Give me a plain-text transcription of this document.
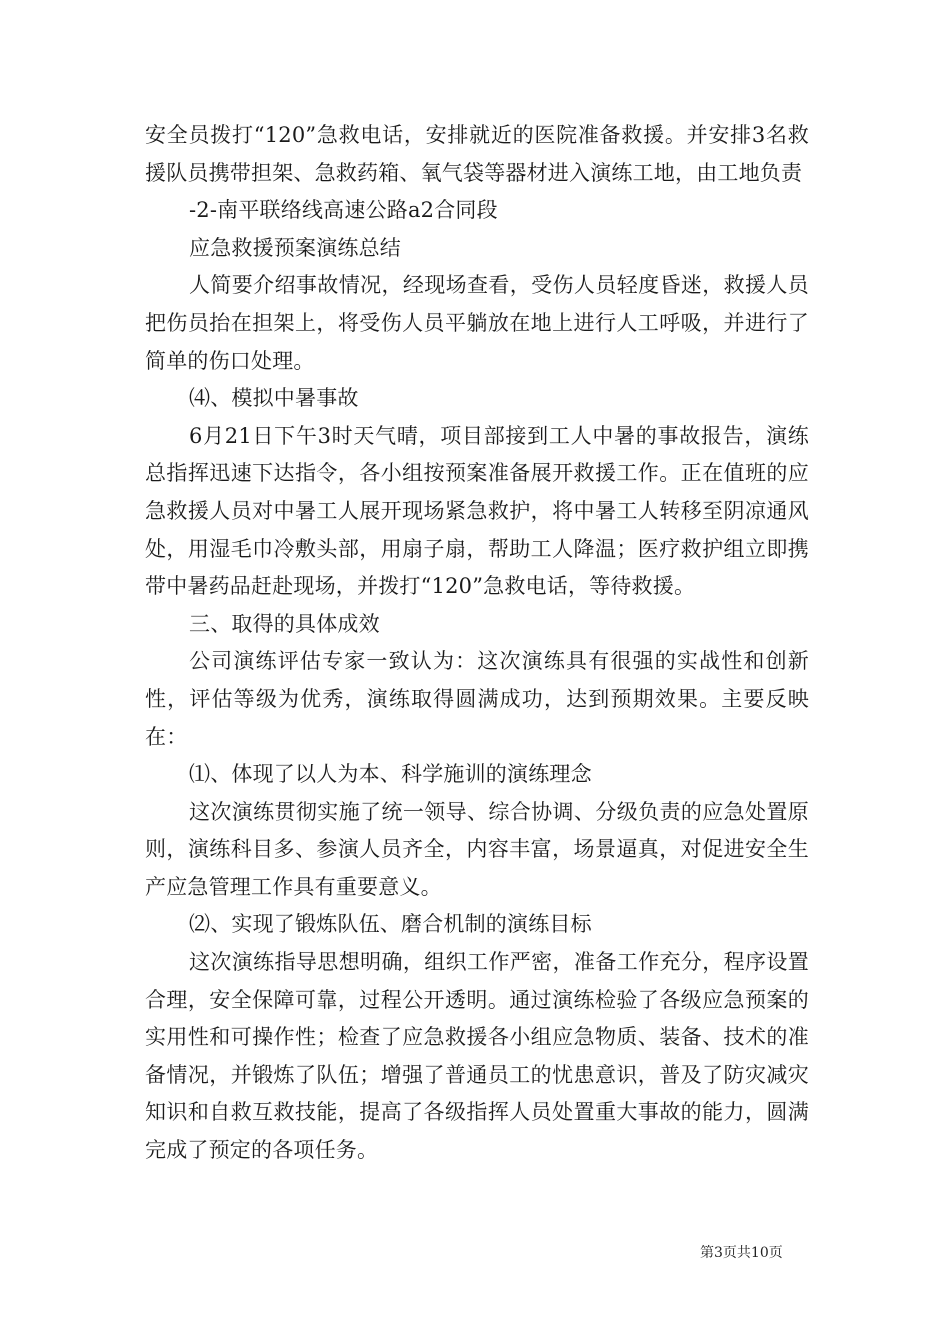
安全员拨打“120”急救电话，安排就近的医院准备救援。并安排3名救援队员携带担架、急救药箱、氧气袋等器材进入演练工地，由工地负责

-2-南平联络线高速公路a2合同段

应急救援预案演练总结

人简要介绍事故情况，经现场查看，受伤人员轻度昏迷，救援人员把伤员抬在担架上，将受伤人员平躺放在地上进行人工呼吸，并进行了简单的伤口处理。

⑷、模拟中暑事故

6月21日下午3时天气晴，项目部接到工人中暑的事故报告，演练总指挥迅速下达指令，各小组按预案准备展开救援工作。正在值班的应急救援人员对中暑工人展开现场紧急救护，将中暑工人转移至阴凉通风处，用湿毛巾冷敷头部，用扇子扇，帮助工人降温；医疗救护组立即携带中暑药品赶赴现场，并拨打“120”急救电话，等待救援。

三、取得的具体成效

公司演练评估专家一致认为：这次演练具有很强的实战性和创新性，评估等级为优秀，演练取得圆满成功，达到预期效果。主要反映在：

⑴、体现了以人为本、科学施训的演练理念

这次演练贯彻实施了统一领导、综合协调、分级负责的应急处置原则，演练科目多、参演人员齐全，内容丰富，场景逼真，对促进安全生产应急管理工作具有重要意义。

⑵、实现了锻炼队伍、磨合机制的演练目标

这次演练指导思想明确，组织工作严密，准备工作充分，程序设置合理，安全保障可靠，过程公开透明。通过演练检验了各级应急预案的实用性和可操作性；检查了应急救援各小组应急物质、装备、技术的准备情况，并锻炼了队伍；增强了普通员工的忧患意识，普及了防灾减灾知识和自救互救技能，提高了各级指挥人员处置重大事故的能力，圆满完成了预定的各项任务。

第3页共10页
